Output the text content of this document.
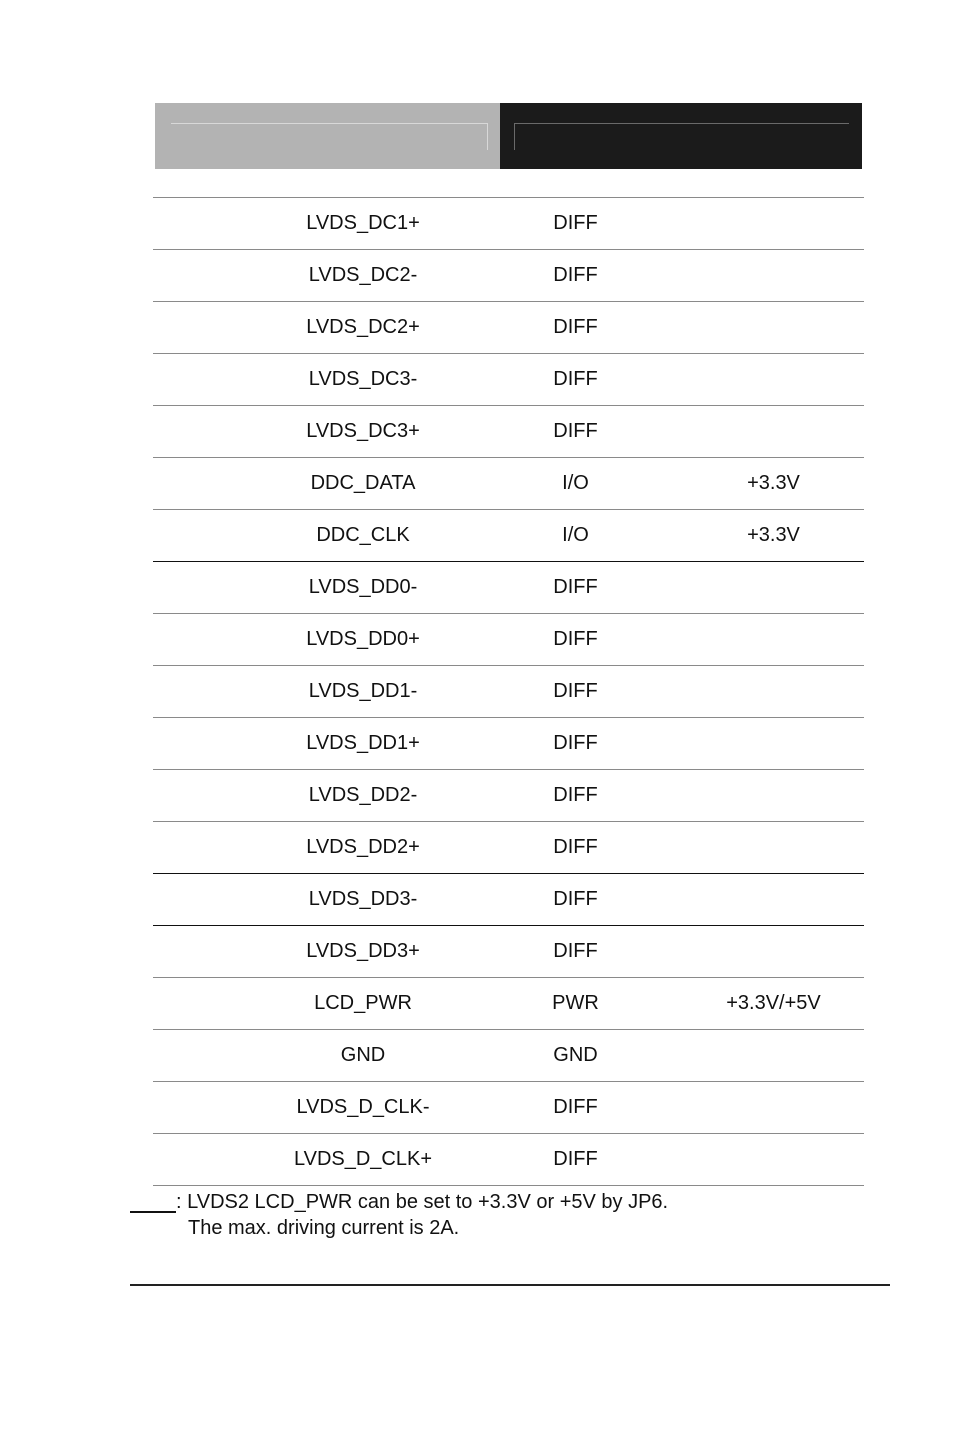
	LVDS_DC1+	DIFF	
	LVDS_DC2-	DIFF	
	LVDS_DC2+	DIFF	
	LVDS_DC3-	DIFF	
	LVDS_DC3+	DIFF	
	DDC_DATA	I/O	+3.3V
	DDC_CLK	I/O	+3.3V
	LVDS_DD0-	DIFF	
	LVDS_DD0+	DIFF	
	LVDS_DD1-	DIFF	
	LVDS_DD1+	DIFF	
	LVDS_DD2-	DIFF	
	LVDS_DD2+	DIFF	
	LVDS_DD3-	DIFF	
	LVDS_DD3+	DIFF	
	LCD_PWR	PWR	+3.3V/+5V
	GND	GND	
	LVDS_D_CLK-	DIFF	
	LVDS_D_CLK+	DIFF	
: LVDS2 LCD_PWR can be set to +3.3V or +5V by JP6.
The max. driving current is 2A.
